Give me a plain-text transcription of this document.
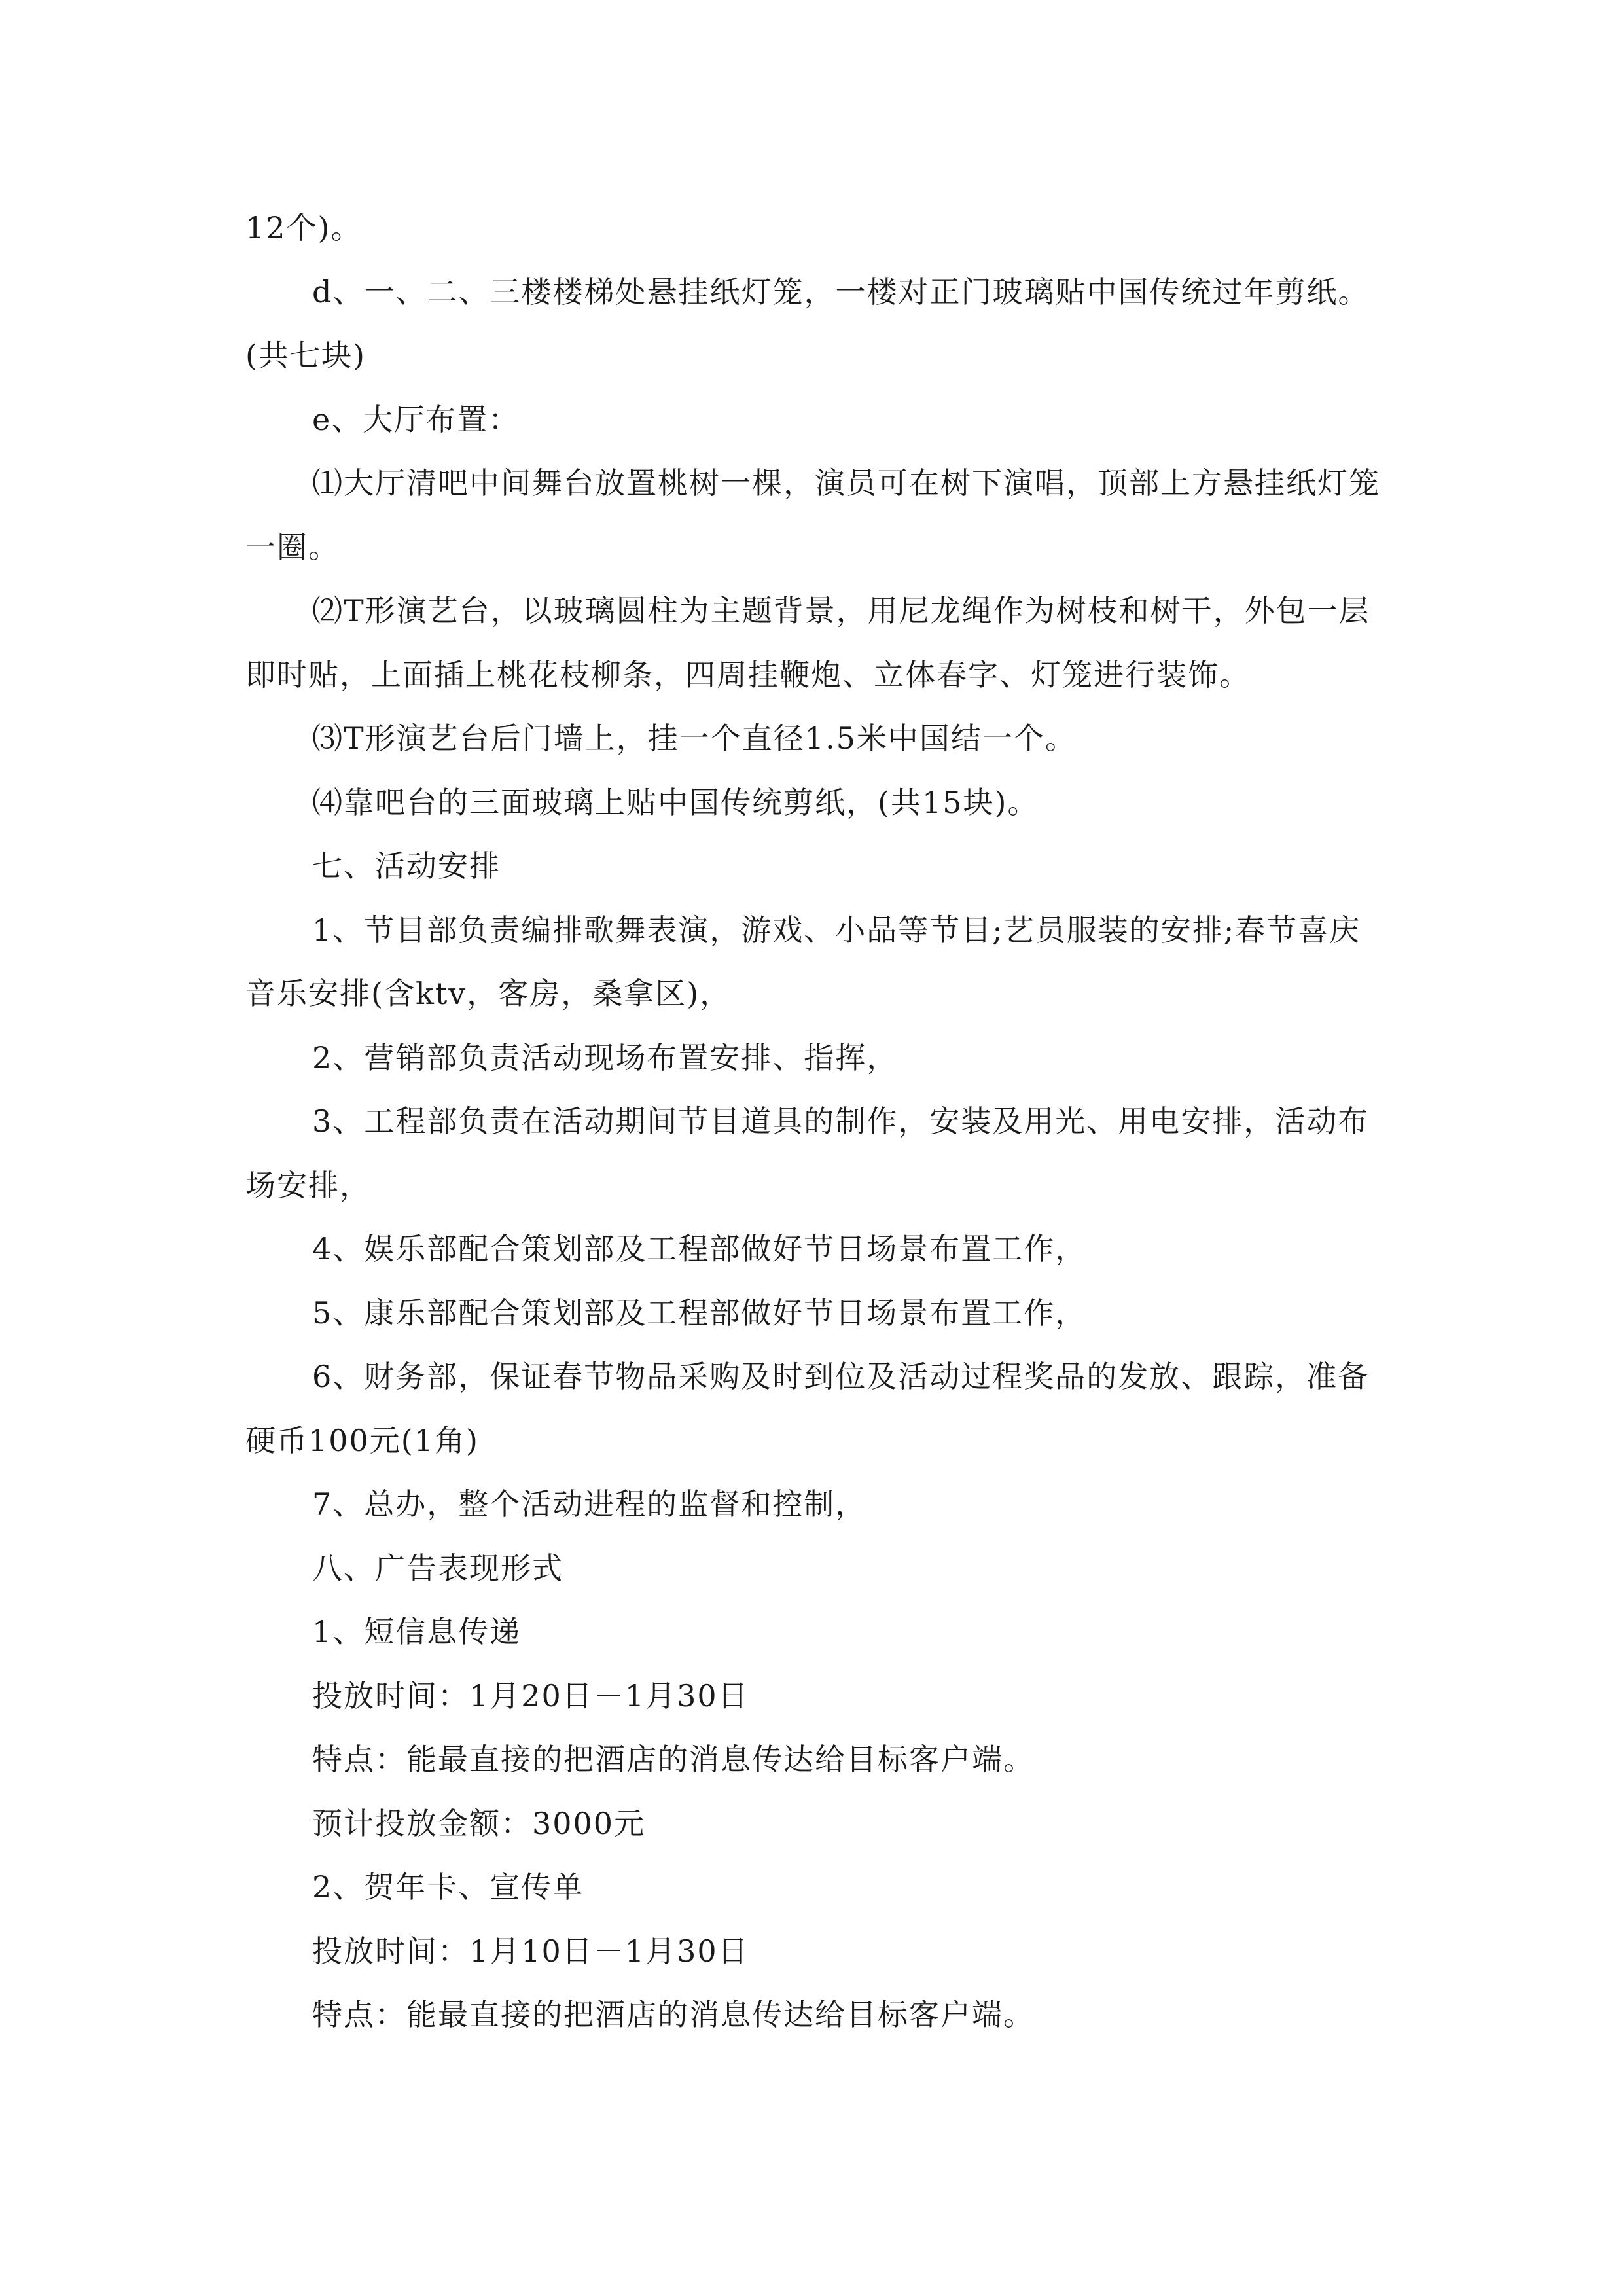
12个)。

d、一、二、三楼楼梯处悬挂纸灯笼，一楼对正门玻璃贴中国传统过年剪纸。(共七块)

e、大厅布置：

⑴大厅清吧中间舞台放置桃树一棵，演员可在树下演唱，顶部上方悬挂纸灯笼一圈。

⑵T形演艺台，以玻璃圆柱为主题背景，用尼龙绳作为树枝和树干，外包一层即时贴，上面插上桃花枝柳条，四周挂鞭炮、立体春字、灯笼进行装饰。

⑶T形演艺台后门墙上，挂一个直径1.5米中国结一个。

⑷靠吧台的三面玻璃上贴中国传统剪纸，(共15块)。

七、活动安排

1、节目部负责编排歌舞表演，游戏、小品等节目;艺员服装的安排;春节喜庆音乐安排(含ktv，客房，桑拿区)，

2、营销部负责活动现场布置安排、指挥，

3、工程部负责在活动期间节目道具的制作，安装及用光、用电安排，活动布场安排，

4、娱乐部配合策划部及工程部做好节日场景布置工作，

5、康乐部配合策划部及工程部做好节日场景布置工作，

6、财务部，保证春节物品采购及时到位及活动过程奖品的发放、跟踪，准备硬币100元(1角)

7、总办，整个活动进程的监督和控制，

八、广告表现形式

1、短信息传递

投放时间：1月20日－1月30日

特点：能最直接的把酒店的消息传达给目标客户端。

预计投放金额：3000元

2、贺年卡、宣传单

投放时间：1月10日－1月30日

特点：能最直接的把酒店的消息传达给目标客户端。
